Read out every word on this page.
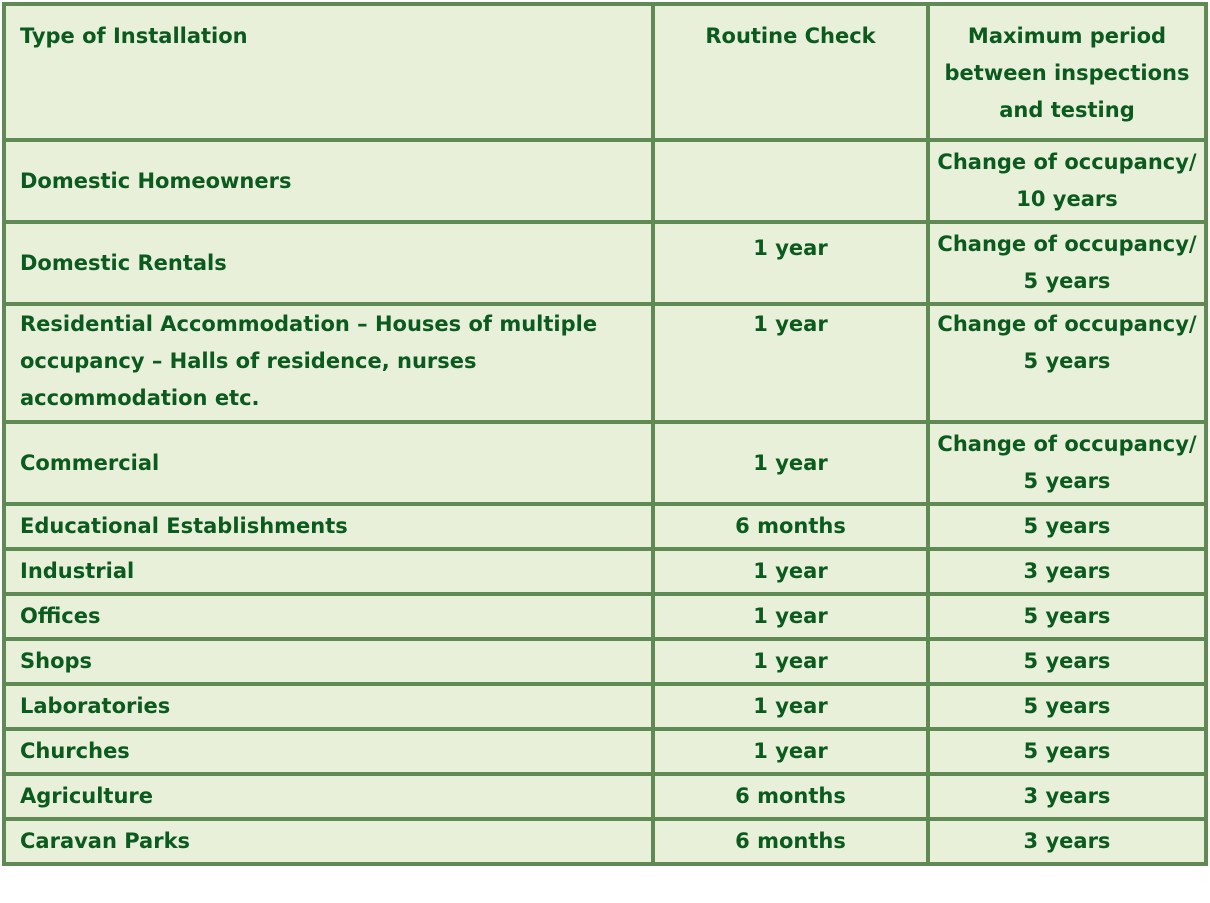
Type of Installation	Routine Check	Maximum period between inspections and testing
Domestic Homeowners		Change of occupancy/ 10 years
Domestic Rentals	1 year	Change of occupancy/ 5 years
Residential Accommodation – Houses of multiple occupancy – Halls of residence, nurses accommodation etc.	1 year	Change of occupancy/ 5 years
Commercial	1 year	Change of occupancy/ 5 years
Educational Establishments	6 months	5 years
Industrial	1 year	3 years
Offices	1 year	5 years
Shops	1 year	5 years
Laboratories	1 year	5 years
Churches	1 year	5 years
Agriculture	6 months	3 years
Caravan Parks	6 months	3 years
